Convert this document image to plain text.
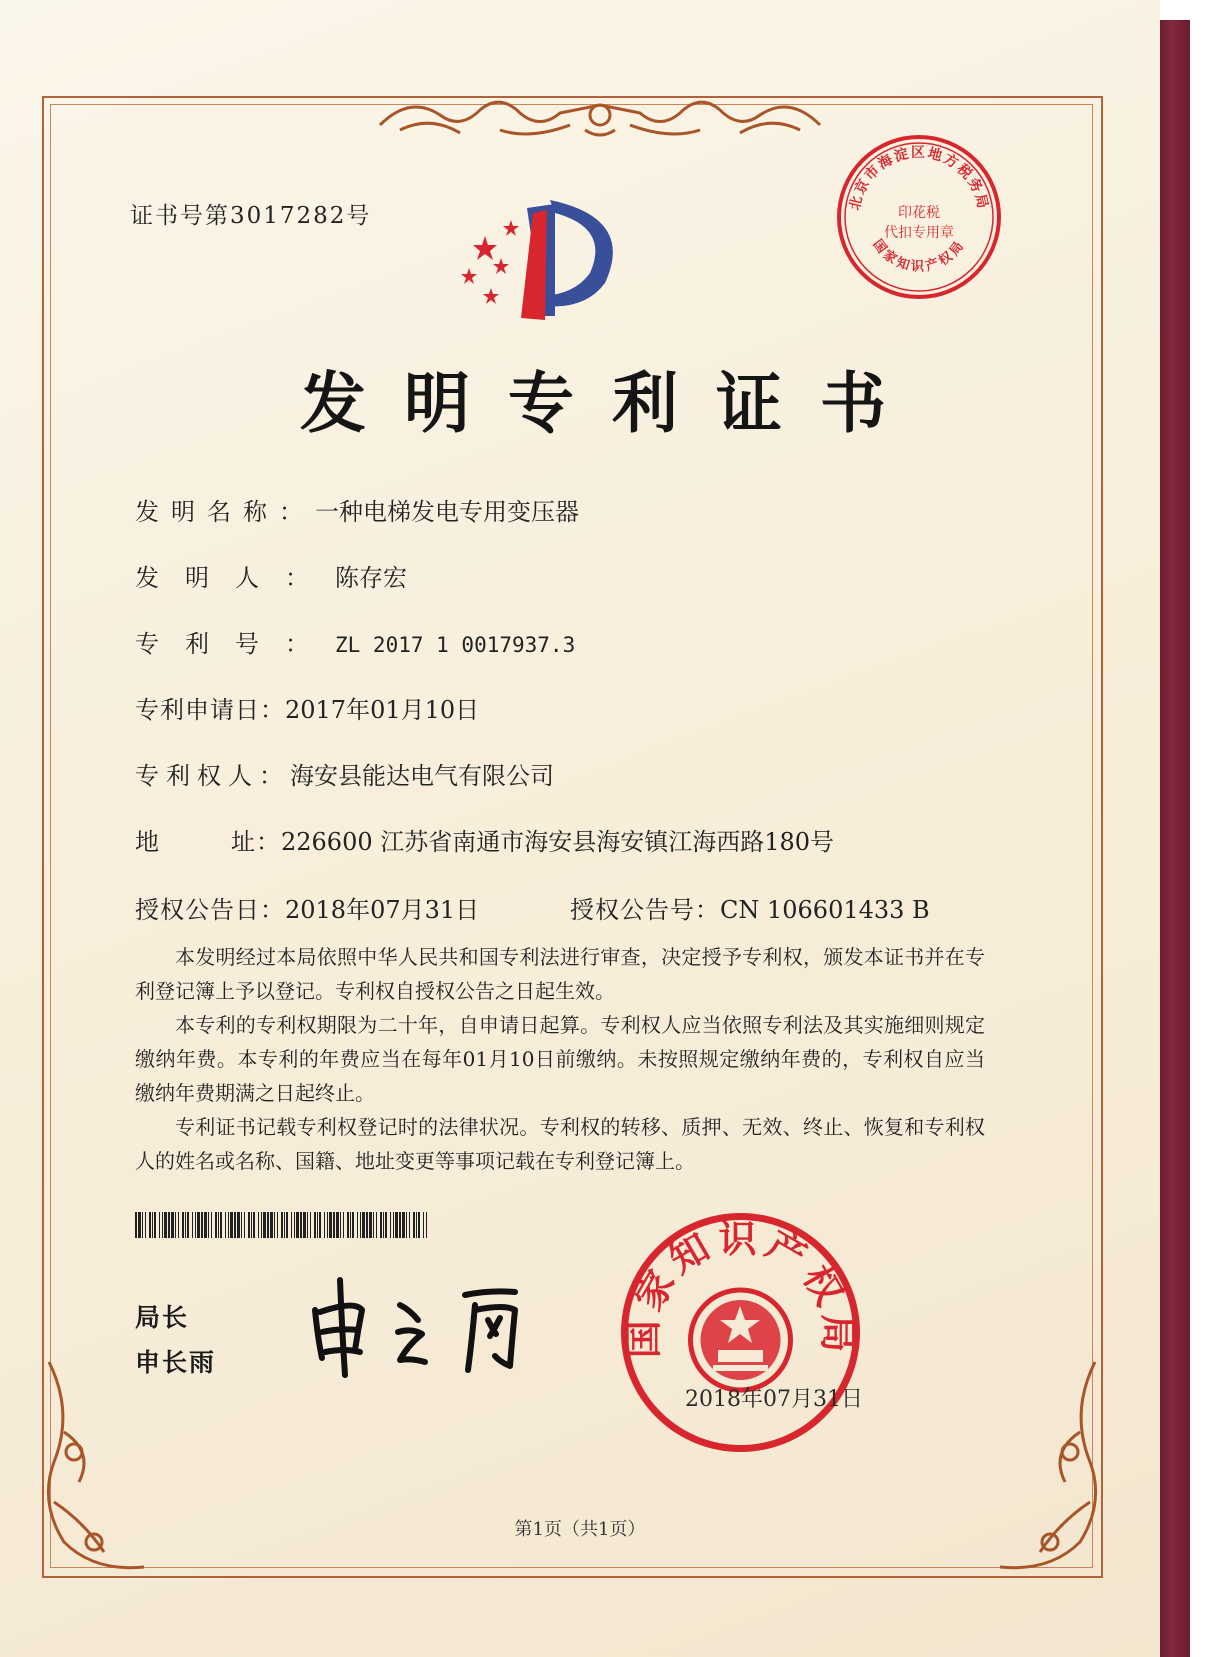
证书号第3017282号
北京市海淀区地方税务局
国家知识产权局
印花税
代扣专用章
发明专利证书
发明名称：一种电梯发电专用变压器
发明人：陈存宏
专利号：ZL 2017 1 0017937.3
专利申请日：2017年01月10日
专利权人：海安县能达电气有限公司
地	址：226600 江苏省南通市海安县海安镇江海西路180号
授权公告日：2018年07月31日	授权公告号：CN 106601433 B

本发明经过本局依照中华人民共和国专利法进行审查，决定授予专利权，颁发本证书并在专利登记簿上予以登记。专利权自授权公告之日起生效。

本专利的专利权期限为二十年，自申请日起算。专利权人应当依照专利法及其实施细则规定缴纳年费。本专利的年费应当在每年01月10日前缴纳。未按照规定缴纳年费的，专利权自应当缴纳年费期满之日起终止。

专利证书记载专利权登记时的法律状况。专利权的转移、质押、无效、终止、恢复和专利权人的姓名或名称、国籍、地址变更等事项记载在专利登记簿上。

局长
申长雨
国家知识产权局
2018年07月31日
第1页（共1页）
